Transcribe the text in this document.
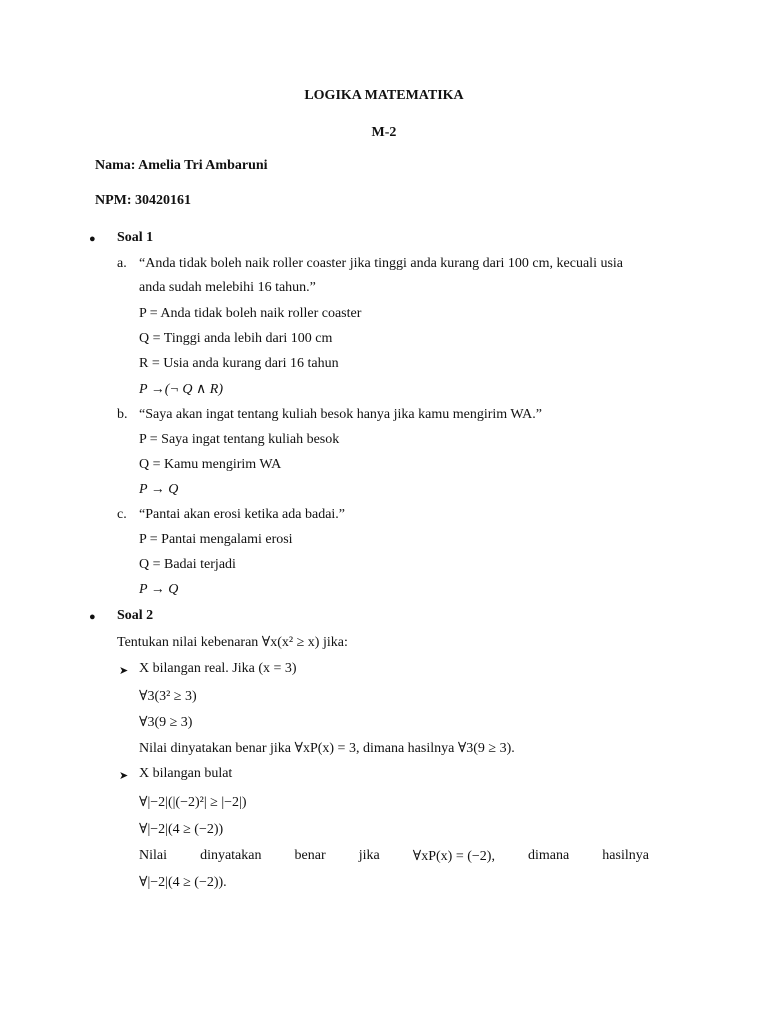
LOGIKA MATEMATIKA
M-2
Nama: Amelia Tri Ambaruni
NPM: 30420161
● Soal 1
a. “Anda tidak boleh naik roller coaster jika tinggi anda kurang dari 100 cm, kecuali usia
anda sudah melebihi 16 tahun.”
P = Anda tidak boleh naik roller coaster
Q = Tinggi anda lebih dari 100 cm
R = Usia anda kurang dari 16 tahun
P →(¬ Q ∧ R)
b. “Saya akan ingat tentang kuliah besok hanya jika kamu mengirim WA.”
P = Saya ingat tentang kuliah besok
Q = Kamu mengirim WA
P → Q
c. “Pantai akan erosi ketika ada badai.”
P = Pantai mengalami erosi
Q = Badai terjadi
P → Q
● Soal 2
Tentukan nilai kebenaran ∀x(x² ≥ x) jika:
➤ X bilangan real. Jika (x = 3)
∀3(3² ≥ 3)
∀3(9 ≥ 3)
Nilai dinyatakan benar jika ∀xP(x) = 3, dimana hasilnya ∀3(9 ≥ 3).
➤ X bilangan bulat
∀|−2|(|(−2)²| ≥ |−2|)
∀|−2|(4 ≥ (−2))
Nilai dinyatakan benar jika ∀xP(x) = (−2), dimana hasilnya
∀|−2|(4 ≥ (−2)).
